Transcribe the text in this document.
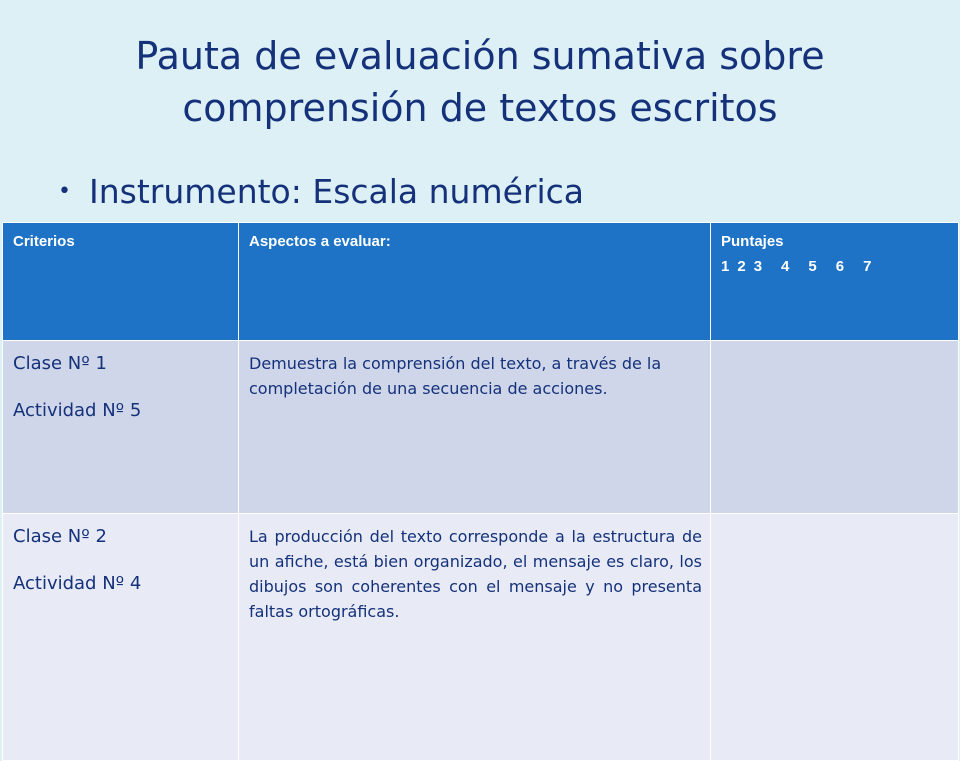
Pauta de evaluación sumativa sobre
comprensión de textos escritos
• Instrumento: Escala numérica
Criterios	Aspectos a evaluar:	Puntajes
1 2 3 4 5 6 7

Clase Nº 1
Actividad Nº 5	Demuestra la comprensión del texto, a través de la completación de una secuencia de acciones.	

Clase Nº 2
Actividad Nº 4	La producción del texto corresponde a la estructura de un afiche, está bien organizado, el mensaje es claro, los dibujos son coherentes con el mensaje y no presenta faltas ortográficas.	
